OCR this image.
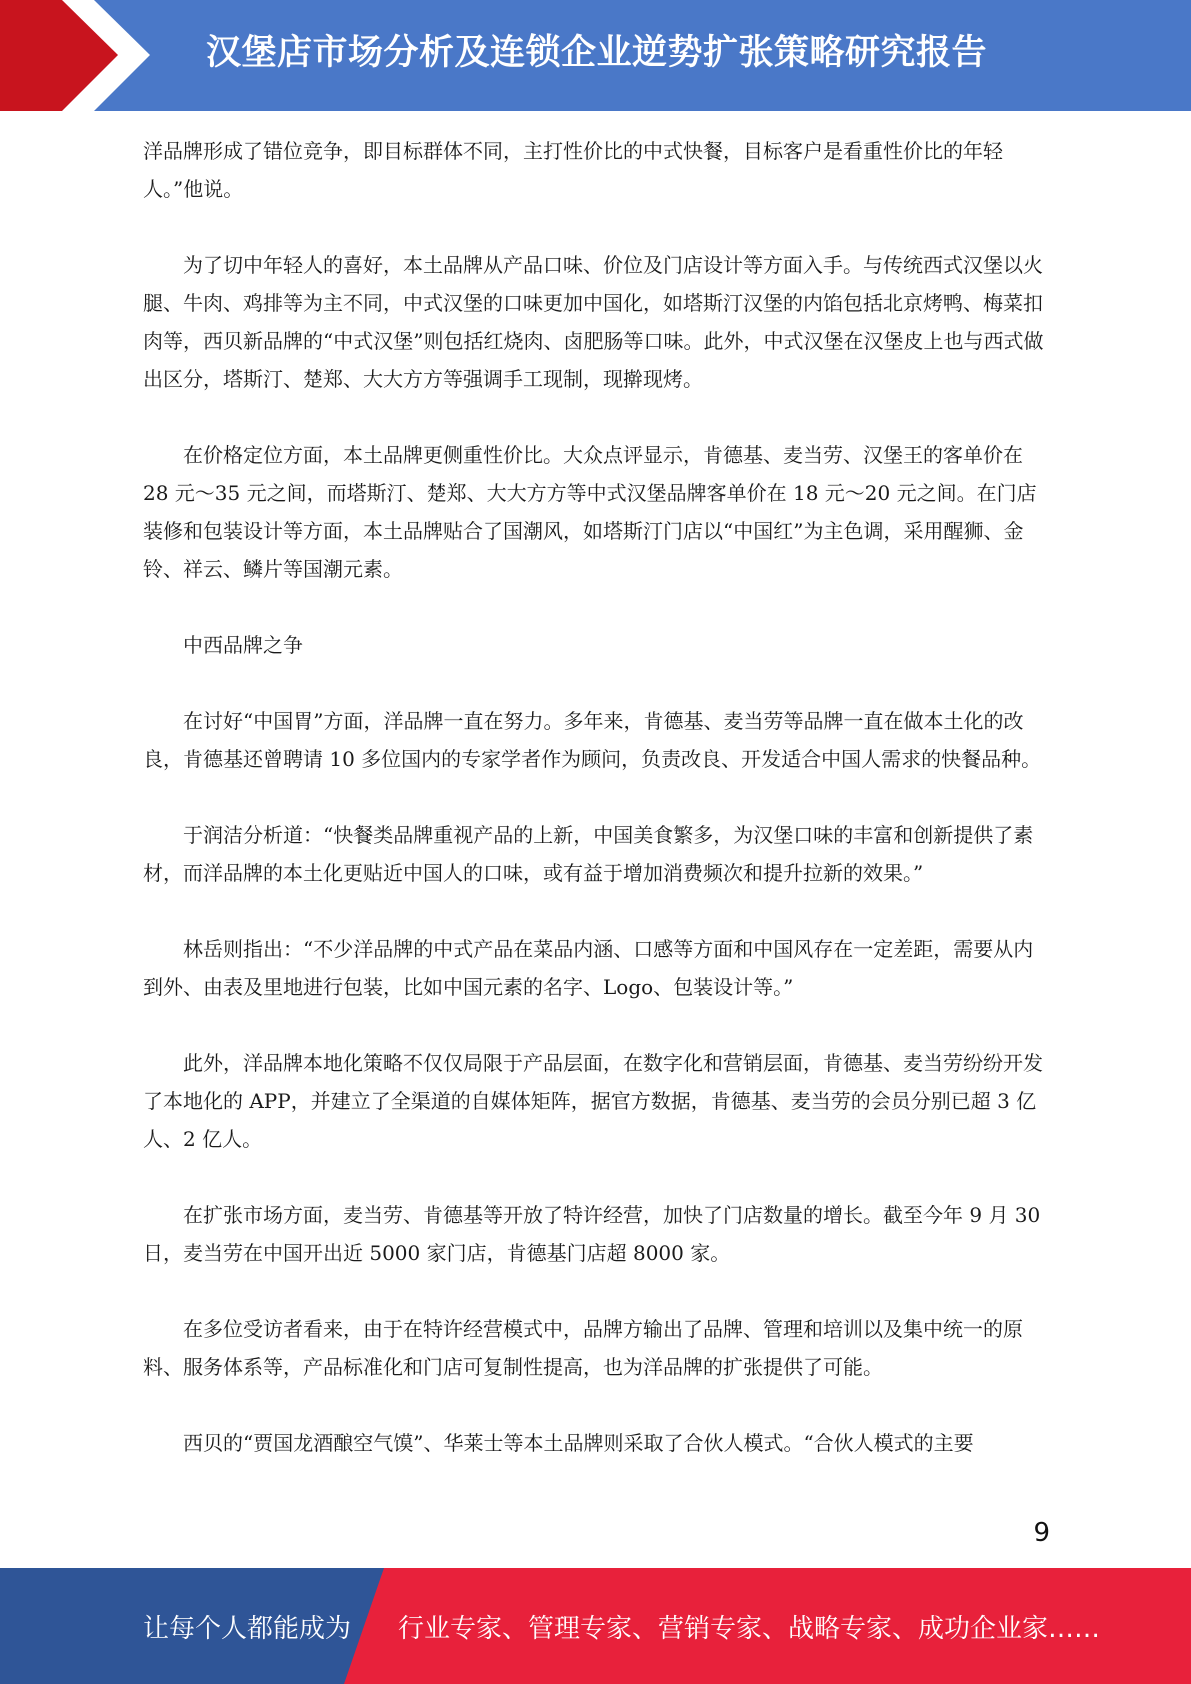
汉堡店市场分析及连锁企业逆势扩张策略研究报告

洋品牌形成了错位竞争，即目标群体不同，主打性价比的中式快餐，目标客户是看重性价比的年轻人。”他说。

为了切中年轻人的喜好，本土品牌从产品口味、价位及门店设计等方面入手。与传统西式汉堡以火腿、牛肉、鸡排等为主不同，中式汉堡的口味更加中国化，如塔斯汀汉堡的内馅包括北京烤鸭、梅菜扣肉等，西贝新品牌的“中式汉堡”则包括红烧肉、卤肥肠等口味。此外，中式汉堡在汉堡皮上也与西式做出区分，塔斯汀、楚郑、大大方方等强调手工现制，现擀现烤。

在价格定位方面，本土品牌更侧重性价比。大众点评显示，肯德基、麦当劳、汉堡王的客单价在 28 元～35 元之间，而塔斯汀、楚郑、大大方方等中式汉堡品牌客单价在 18 元～20 元之间。在门店装修和包装设计等方面，本土品牌贴合了国潮风，如塔斯汀门店以“中国红”为主色调，采用醒狮、金铃、祥云、鳞片等国潮元素。

中西品牌之争

在讨好“中国胃”方面，洋品牌一直在努力。多年来，肯德基、麦当劳等品牌一直在做本土化的改良，肯德基还曾聘请 10 多位国内的专家学者作为顾问，负责改良、开发适合中国人需求的快餐品种。

于润洁分析道：“快餐类品牌重视产品的上新，中国美食繁多，为汉堡口味的丰富和创新提供了素材，而洋品牌的本土化更贴近中国人的口味，或有益于增加消费频次和提升拉新的效果。”

林岳则指出：“不少洋品牌的中式产品在菜品内涵、口感等方面和中国风存在一定差距，需要从内到外、由表及里地进行包装，比如中国元素的名字、Logo、包装设计等。”

此外，洋品牌本地化策略不仅仅局限于产品层面，在数字化和营销层面，肯德基、麦当劳纷纷开发了本地化的 APP，并建立了全渠道的自媒体矩阵，据官方数据，肯德基、麦当劳的会员分别已超 3 亿人、2 亿人。

在扩张市场方面，麦当劳、肯德基等开放了特许经营，加快了门店数量的增长。截至今年 9 月 30 日，麦当劳在中国开出近 5000 家门店，肯德基门店超 8000 家。

在多位受访者看来，由于在特许经营模式中，品牌方输出了品牌、管理和培训以及集中统一的原料、服务体系等，产品标准化和门店可复制性提高，也为洋品牌的扩张提供了可能。

西贝的“贾国龙酒酿空气馍”、华莱士等本土品牌则采取了合伙人模式。“合伙人模式的主要

9
让每个人都能成为 行业专家、管理专家、营销专家、战略专家、成功企业家……
